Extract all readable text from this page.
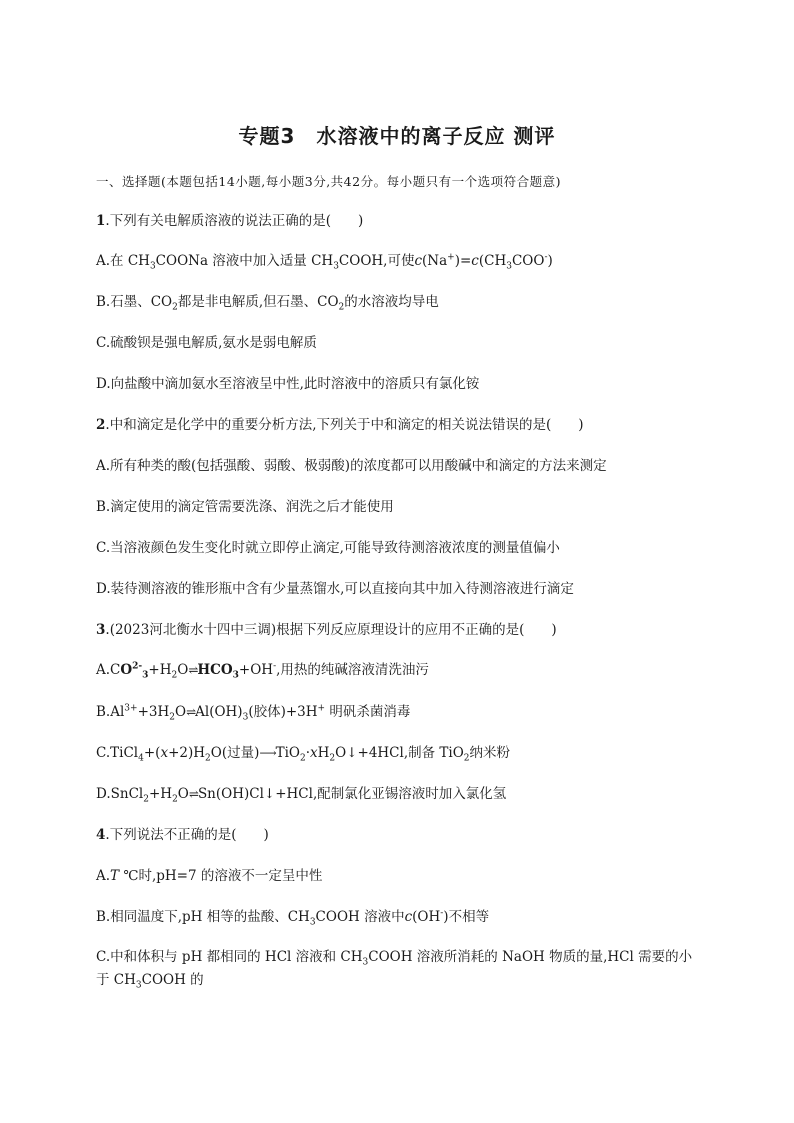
专题3　水溶液中的离子反应 测评
一、选择题(本题包括14小题,每小题3分,共42分。每小题只有一个选项符合题意)
1.下列有关电解质溶液的说法正确的是(　　)
A.在 $CH_3COONa$ 溶液中加入适量 $CH_3COOH$,可使$c(Na^+)=c(CH_3COO^-)$
B.石墨、$CO_2$都是非电解质,但石墨、$CO_2$的水溶液均导电
C.硫酸钡是强电解质,氨水是弱电解质
D.向盐酸中滴加氨水至溶液呈中性,此时溶液中的溶质只有氯化铵
2.中和滴定是化学中的重要分析方法,下列关于中和滴定的相关说法错误的是(　　)
A.所有种类的酸(包括强酸、弱酸、极弱酸)的浓度都可以用酸碱中和滴定的方法来测定
B.滴定使用的滴定管需要洗涤、润洗之后才能使用
C.当溶液颜色发生变化时就立即停止滴定,可能导致待测溶液浓度的测量值偏小
D.装待测溶液的锥形瓶中含有少量蒸馏水,可以直接向其中加入待测溶液进行滴定
3.(2023河北衡水十四中三调)根据下列反应原理设计的应用不正确的是(　　)
$A.CO^{2-}_3+H_2O\rightleftharpoons HCO_3+OH^-$,用热的纯碱溶液清洗油污
$B.Al^{3+}+3H_2O\rightleftharpoons Al(OH)_3$(胶体)+3H+ 明矾杀菌消毒
$C.TiCl_4+(x+2)H_2O$(过量)$⟶TiO_2\cdot xH_2O↓+4HCl$,制备 TiO$_2$纳米粉
$D.SnCl_2+H_2O\rightleftharpoons Sn(OH)Cl↓+HCl$,配制氯化亚锡溶液时加入氯化氢
4.下列说法不正确的是(　　)
A.T ℃时,pH=7 的溶液不一定呈中性
B.相同温度下,pH 相等的盐酸、$CH_3COOH$ 溶液中c(OH-)不相等
C.中和体积与 pH 都相同的 HCl 溶液和 $CH_3COOH$ 溶液所消耗的 NaOH 物质的量,HCl 需要的小于 $CH_3COOH$ 的
